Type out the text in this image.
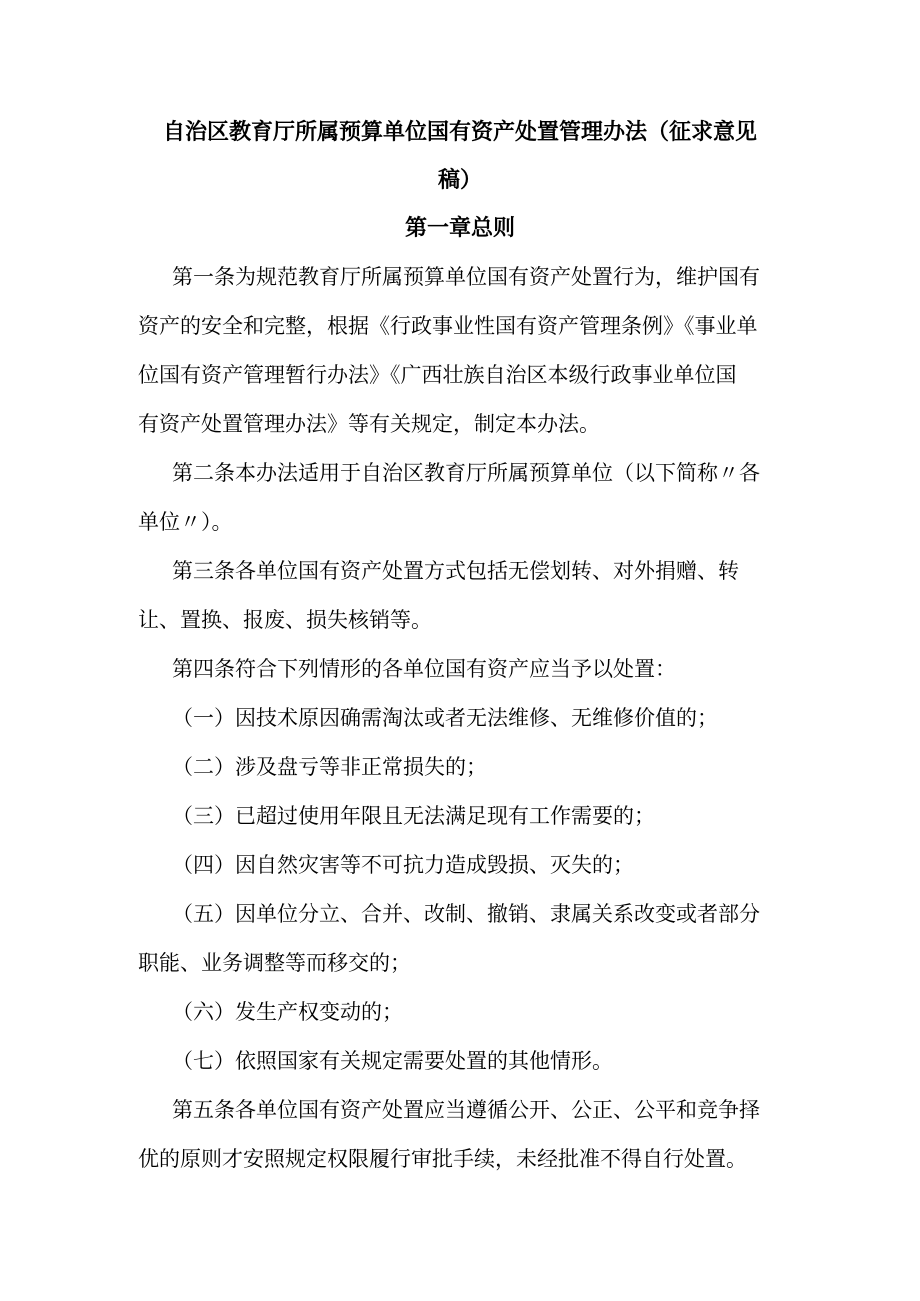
自治区教育厅所属预算单位国有资产处置管理办法（征求意见
稿）
第一章总则
第一条为规范教育厅所属预算单位国有资产处置行为，维护国有
资产的安全和完整，根据《行政事业性国有资产管理条例》《事业单
位国有资产管理暂行办法》《广西壮族自治区本级行政事业单位国
有资产处置管理办法》等有关规定，制定本办法。
第二条本办法适用于自治区教育厅所属预算单位（以下简称〃各
单位〃）。
第三条各单位国有资产处置方式包括无偿划转、对外捐赠、转
让、置换、报废、损失核销等。
第四条符合下列情形的各单位国有资产应当予以处置：
（一）因技术原因确需淘汰或者无法维修、无维修价值的；
（二）涉及盘亏等非正常损失的；
（三）已超过使用年限且无法满足现有工作需要的；
（四）因自然灾害等不可抗力造成毁损、灭失的；
（五）因单位分立、合并、改制、撤销、隶属关系改变或者部分
职能、业务调整等而移交的；
（六）发生产权变动的；
（七）依照国家有关规定需要处置的其他情形。
第五条各单位国有资产处置应当遵循公开、公正、公平和竞争择
优的原则才安照规定权限履行审批手续，未经批准不得自行处置。
